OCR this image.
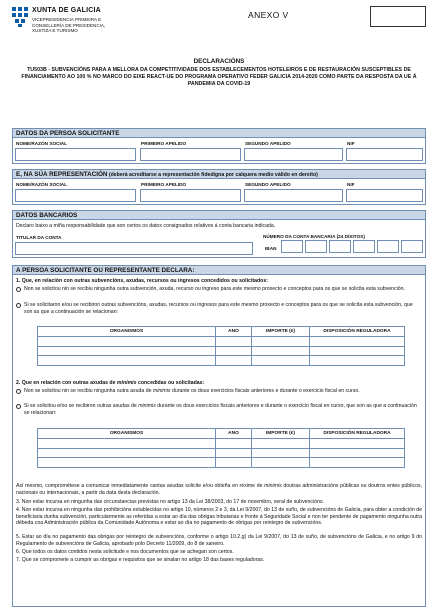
XUNTA DE GALICIA
VICEPRESIDENCIA PRIMEIRA E
CONSELLERÍA DE PRESIDENCIA,
XUSTIZA E TURISMO
ANEXO V
DECLARACIÓNS
TU503B - SUBVENCIÓNS PARA A MELLORA DA COMPETITIVIDADE DOS ESTABLECEMENTOS HOTELEIROS E DE RESTAURACIÓN SUSCEPTIBLES DE FINANCIAMENTO AO 100 % NO MARCO DO EIXE REACT-UE DO PROGRAMA OPERATIVO FEDER GALICIA 2014-2020 COMO PARTE DA RESPOSTA DA UE Á PANDEMIA DA COVID-19
DATOS DA PERSOA SOLICITANTE
NOME/RAZÓN SOCIAL	PRIMEIRO APELIDO	SEGUNDO APELIDO	NIF
E, NA SÚA REPRESENTACIÓN (deberá acreditarse a representación fidedigna por calquera medio válido en dereito)
NOME/RAZÓN SOCIAL	PRIMEIRO APELIDO	SEGUNDO APELIDO	NIF
DATOS BANCARIOS
Declaro baixo a miña responsabilidade que son certos os datos consignados relativos á conta bancaria indicada.
TITULAR DA CONTA	NÚMERO DA CONTA BANCARIA (24 DÍXITOS)
IBAN
A PERSOA SOLICITANTE OU REPRESENTANTE DECLARA:
1. Que, en relación con outras subvencións, axudas, recursos ou ingresos concedidos ou solicitados:
Non se solicitou nin se recibiu ningunha outra subvención, axuda, recurso ou ingreso para este mesmo proxecto e conceptos para os que se solicita esta subvención.
Si se solicitaron e/ou se recibiron outras subvencións, axudas, recursos ou ingresos para este mesmo proxecto e conceptos para os que se solicita esta subvención, que son as que a continuación se relacionan:
ORGANISMOS	ANO	IMPORTE (€)	DISPOSICIÓN REGULADORA

2. Que en relación con outras axudas de minimis concedidas ou solicitadas:
Non se solicitou nin se recibiu ningunha outra axuda de minimis durante os dous exercicios fiscais anteriores e durante o exercicio fiscal en curso.
Si se solicitou e/ou se recibiron outras axudas de minimis durante os dous exercicios fiscais anteriores e durante o exercicio fiscal en curso, que son as que a continuación se relacionan:
ORGANISMOS	ANO	IMPORTE (€)	DISPOSICIÓN REGULADORA

Así mesmo, comprométese a comunicar inmediatamente cantas axudas solicite e/ou obteña en réxime de minimis doutras administracións públicas ou doutros entes públicos, nacionais ou internacionais, a partir da data desta declaración.
3. Non estar incursa en ningunha das circunstancias previstas no artigo 13 da Lei 38/2003, do 17 de novembro, xeral de subvencións.
4. Non estar incursa en ningunha das prohibicións establecidas no artigo 10, números 2 e 3, da Lei 9/2007, do 13 de xuño, de subvencións de Galicia, para obter a condición de beneficiaria dunha subvención, particularmente as referidas a estar ao día das obrigas tributarias e fronte á Seguridade Social e non ter pendente de pagamento ningunha outra débeda coa Administración pública da Comunidade Autónoma e estar ao día no pagamento de obrigas por reintegro de subvencións.
5. Estar ao día no pagamento das obrigas por reintegro de subvencións, conforme o artigo 10.2.g) da Lei 9/2007, do 13 de xuño, de subvencións de Galicia, e no artigo 9 do Regulamento de subvencións de Galicia, aprobado polo Decreto 11/2009, do 8 de xaneiro.
6. Que todos os datos contidos nesta solicitude e nos documentos que se achegan son certos.
7. Que se compromete a cumprir as obrigas e requisitos que se sinalan no artigo 18 das bases reguladoras.
